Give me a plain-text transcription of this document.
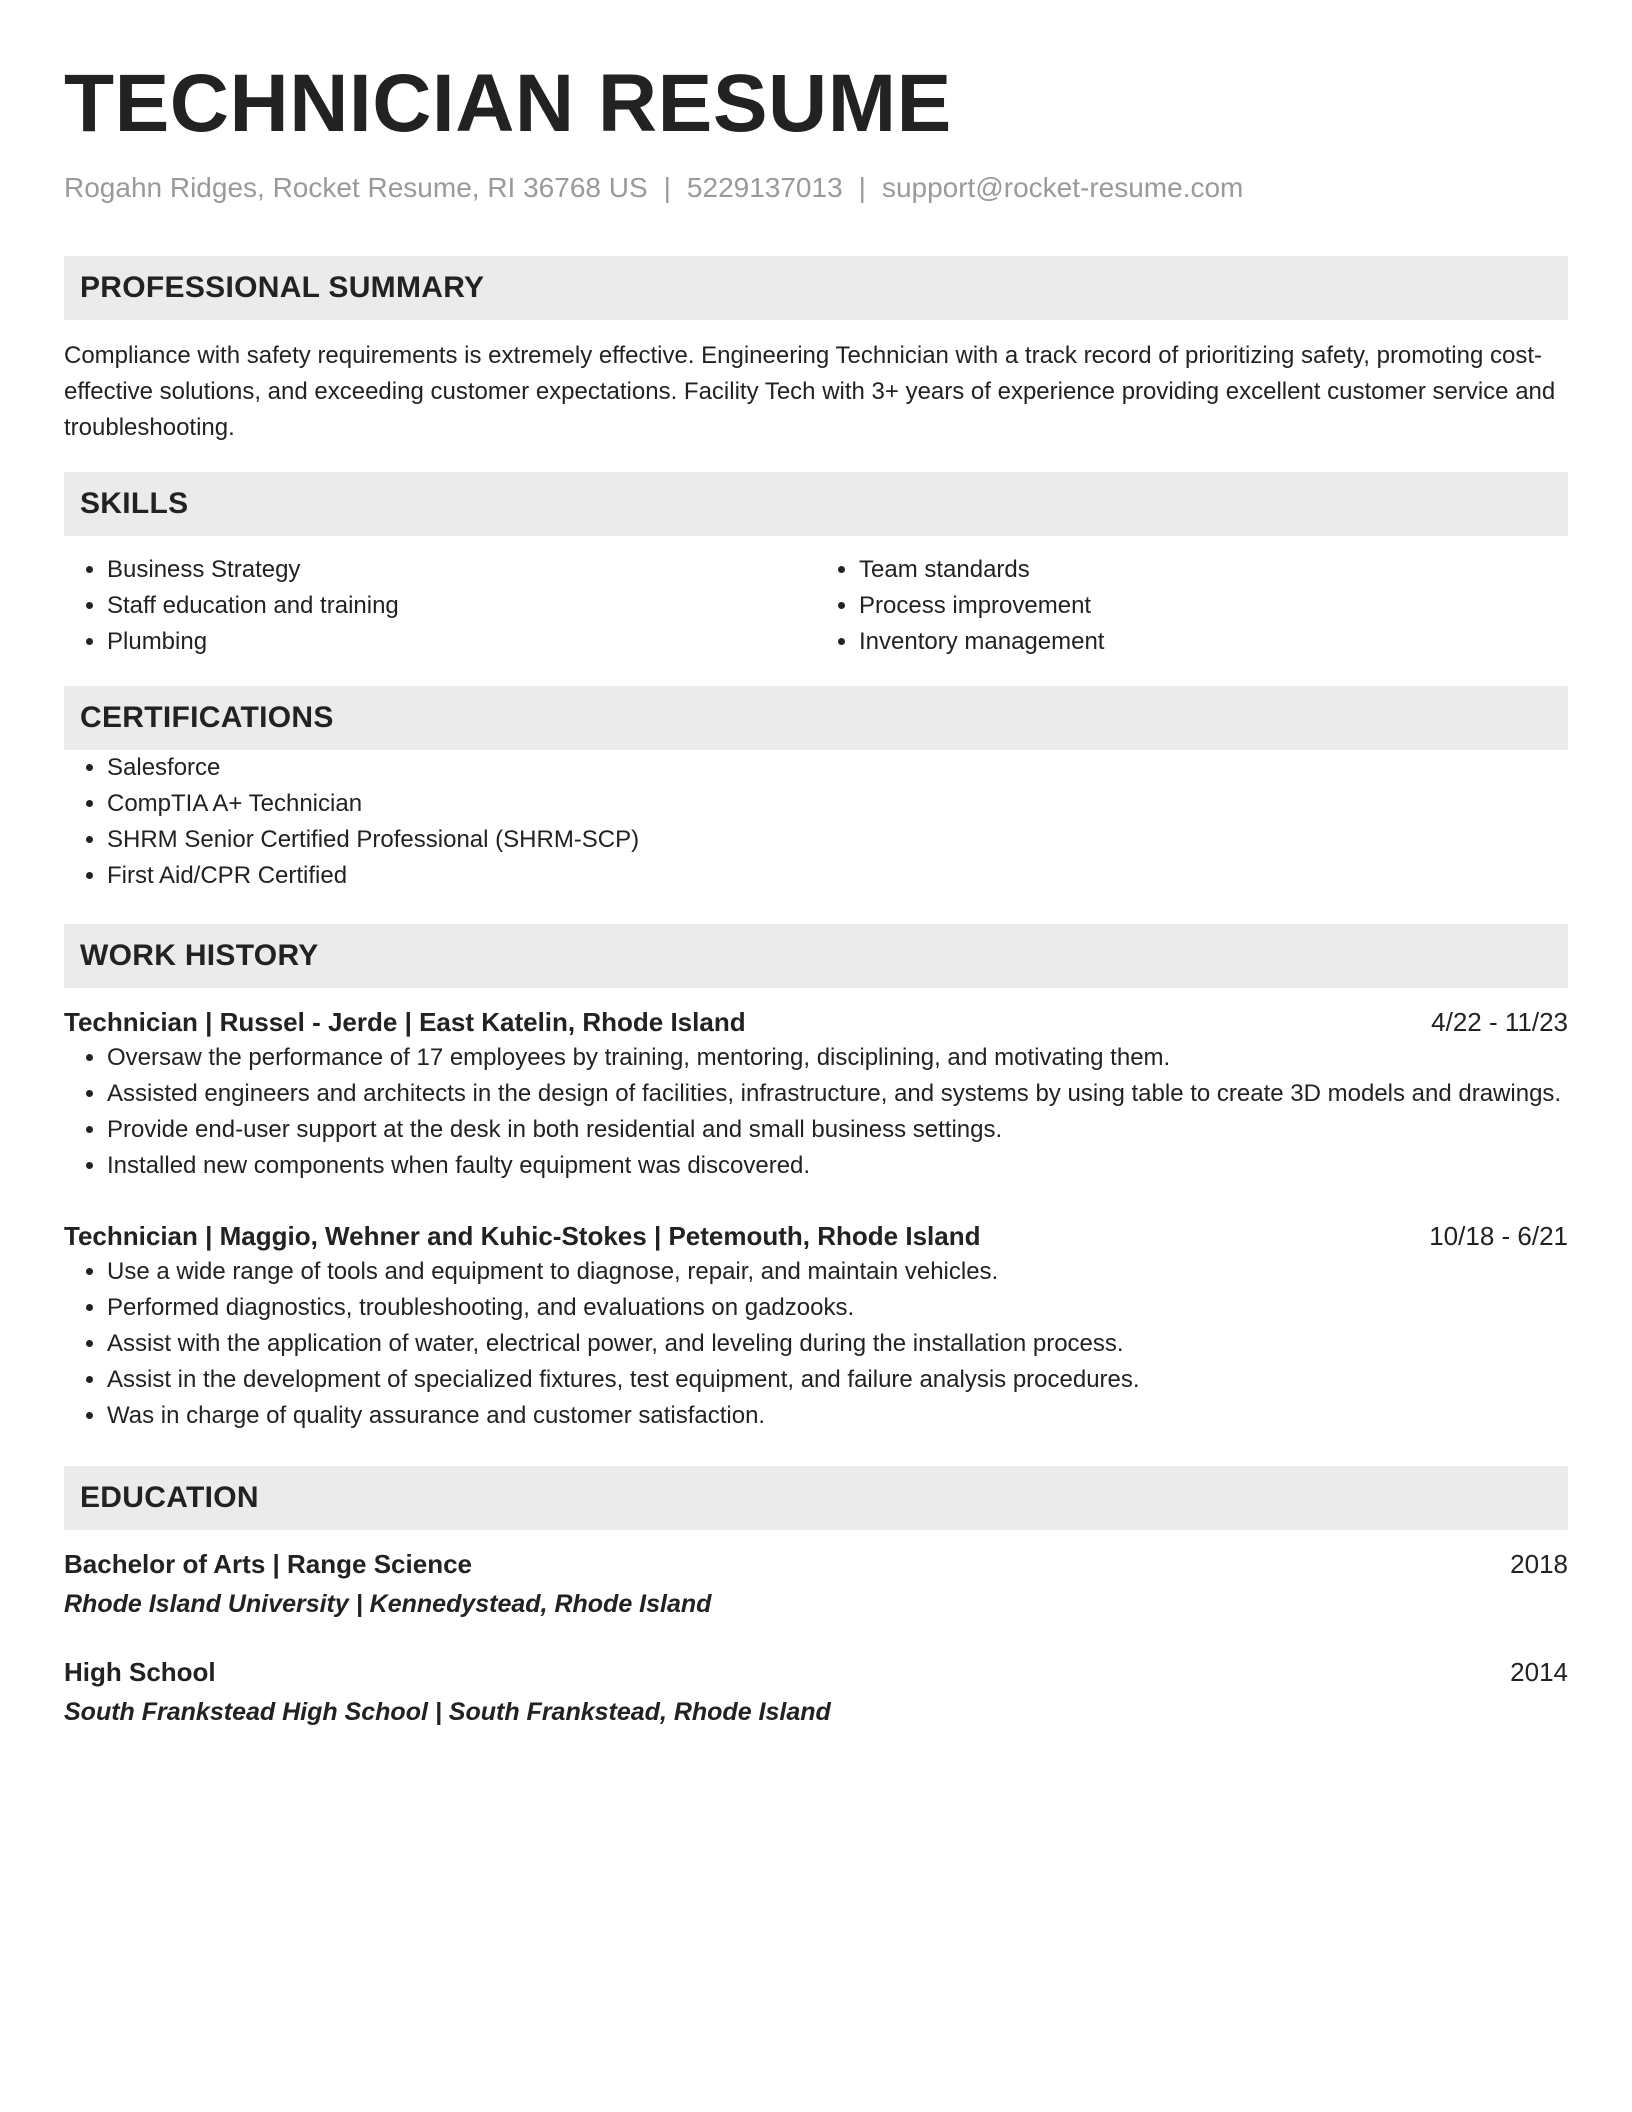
TECHNICIAN RESUME
Rogahn Ridges, Rocket Resume, RI 36768 US | 5229137013 | support@rocket-resume.com
PROFESSIONAL SUMMARY

Compliance with safety requirements is extremely effective. Engineering Technician with a track record of prioritizing safety, promoting cost-effective solutions, and exceeding customer expectations. Facility Tech with 3+ years of experience providing excellent customer service and troubleshooting.

SKILLS
• Business Strategy
• Staff education and training
• Plumbing
• Team standards
• Process improvement
• Inventory management
CERTIFICATIONS
• Salesforce
• CompTIA A+ Technician
• SHRM Senior Certified Professional (SHRM-SCP)
• First Aid/CPR Certified
WORK HISTORY
Technician | Russel - Jerde | East Katelin, Rhode Island	4/22 - 11/23
• Oversaw the performance of 17 employees by training, mentoring, disciplining, and motivating them.
• Assisted engineers and architects in the design of facilities, infrastructure, and systems by using table to create 3D models and drawings.
• Provide end-user support at the desk in both residential and small business settings.
• Installed new components when faulty equipment was discovered.
Technician | Maggio, Wehner and Kuhic-Stokes | Petemouth, Rhode Island	10/18 - 6/21
• Use a wide range of tools and equipment to diagnose, repair, and maintain vehicles.
• Performed diagnostics, troubleshooting, and evaluations on gadzooks.
• Assist with the application of water, electrical power, and leveling during the installation process.
• Assist in the development of specialized fixtures, test equipment, and failure analysis procedures.
• Was in charge of quality assurance and customer satisfaction.
EDUCATION
Bachelor of Arts | Range Science	2018
Rhode Island University | Kennedystead, Rhode Island
High School	2014
South Frankstead High School | South Frankstead, Rhode Island
